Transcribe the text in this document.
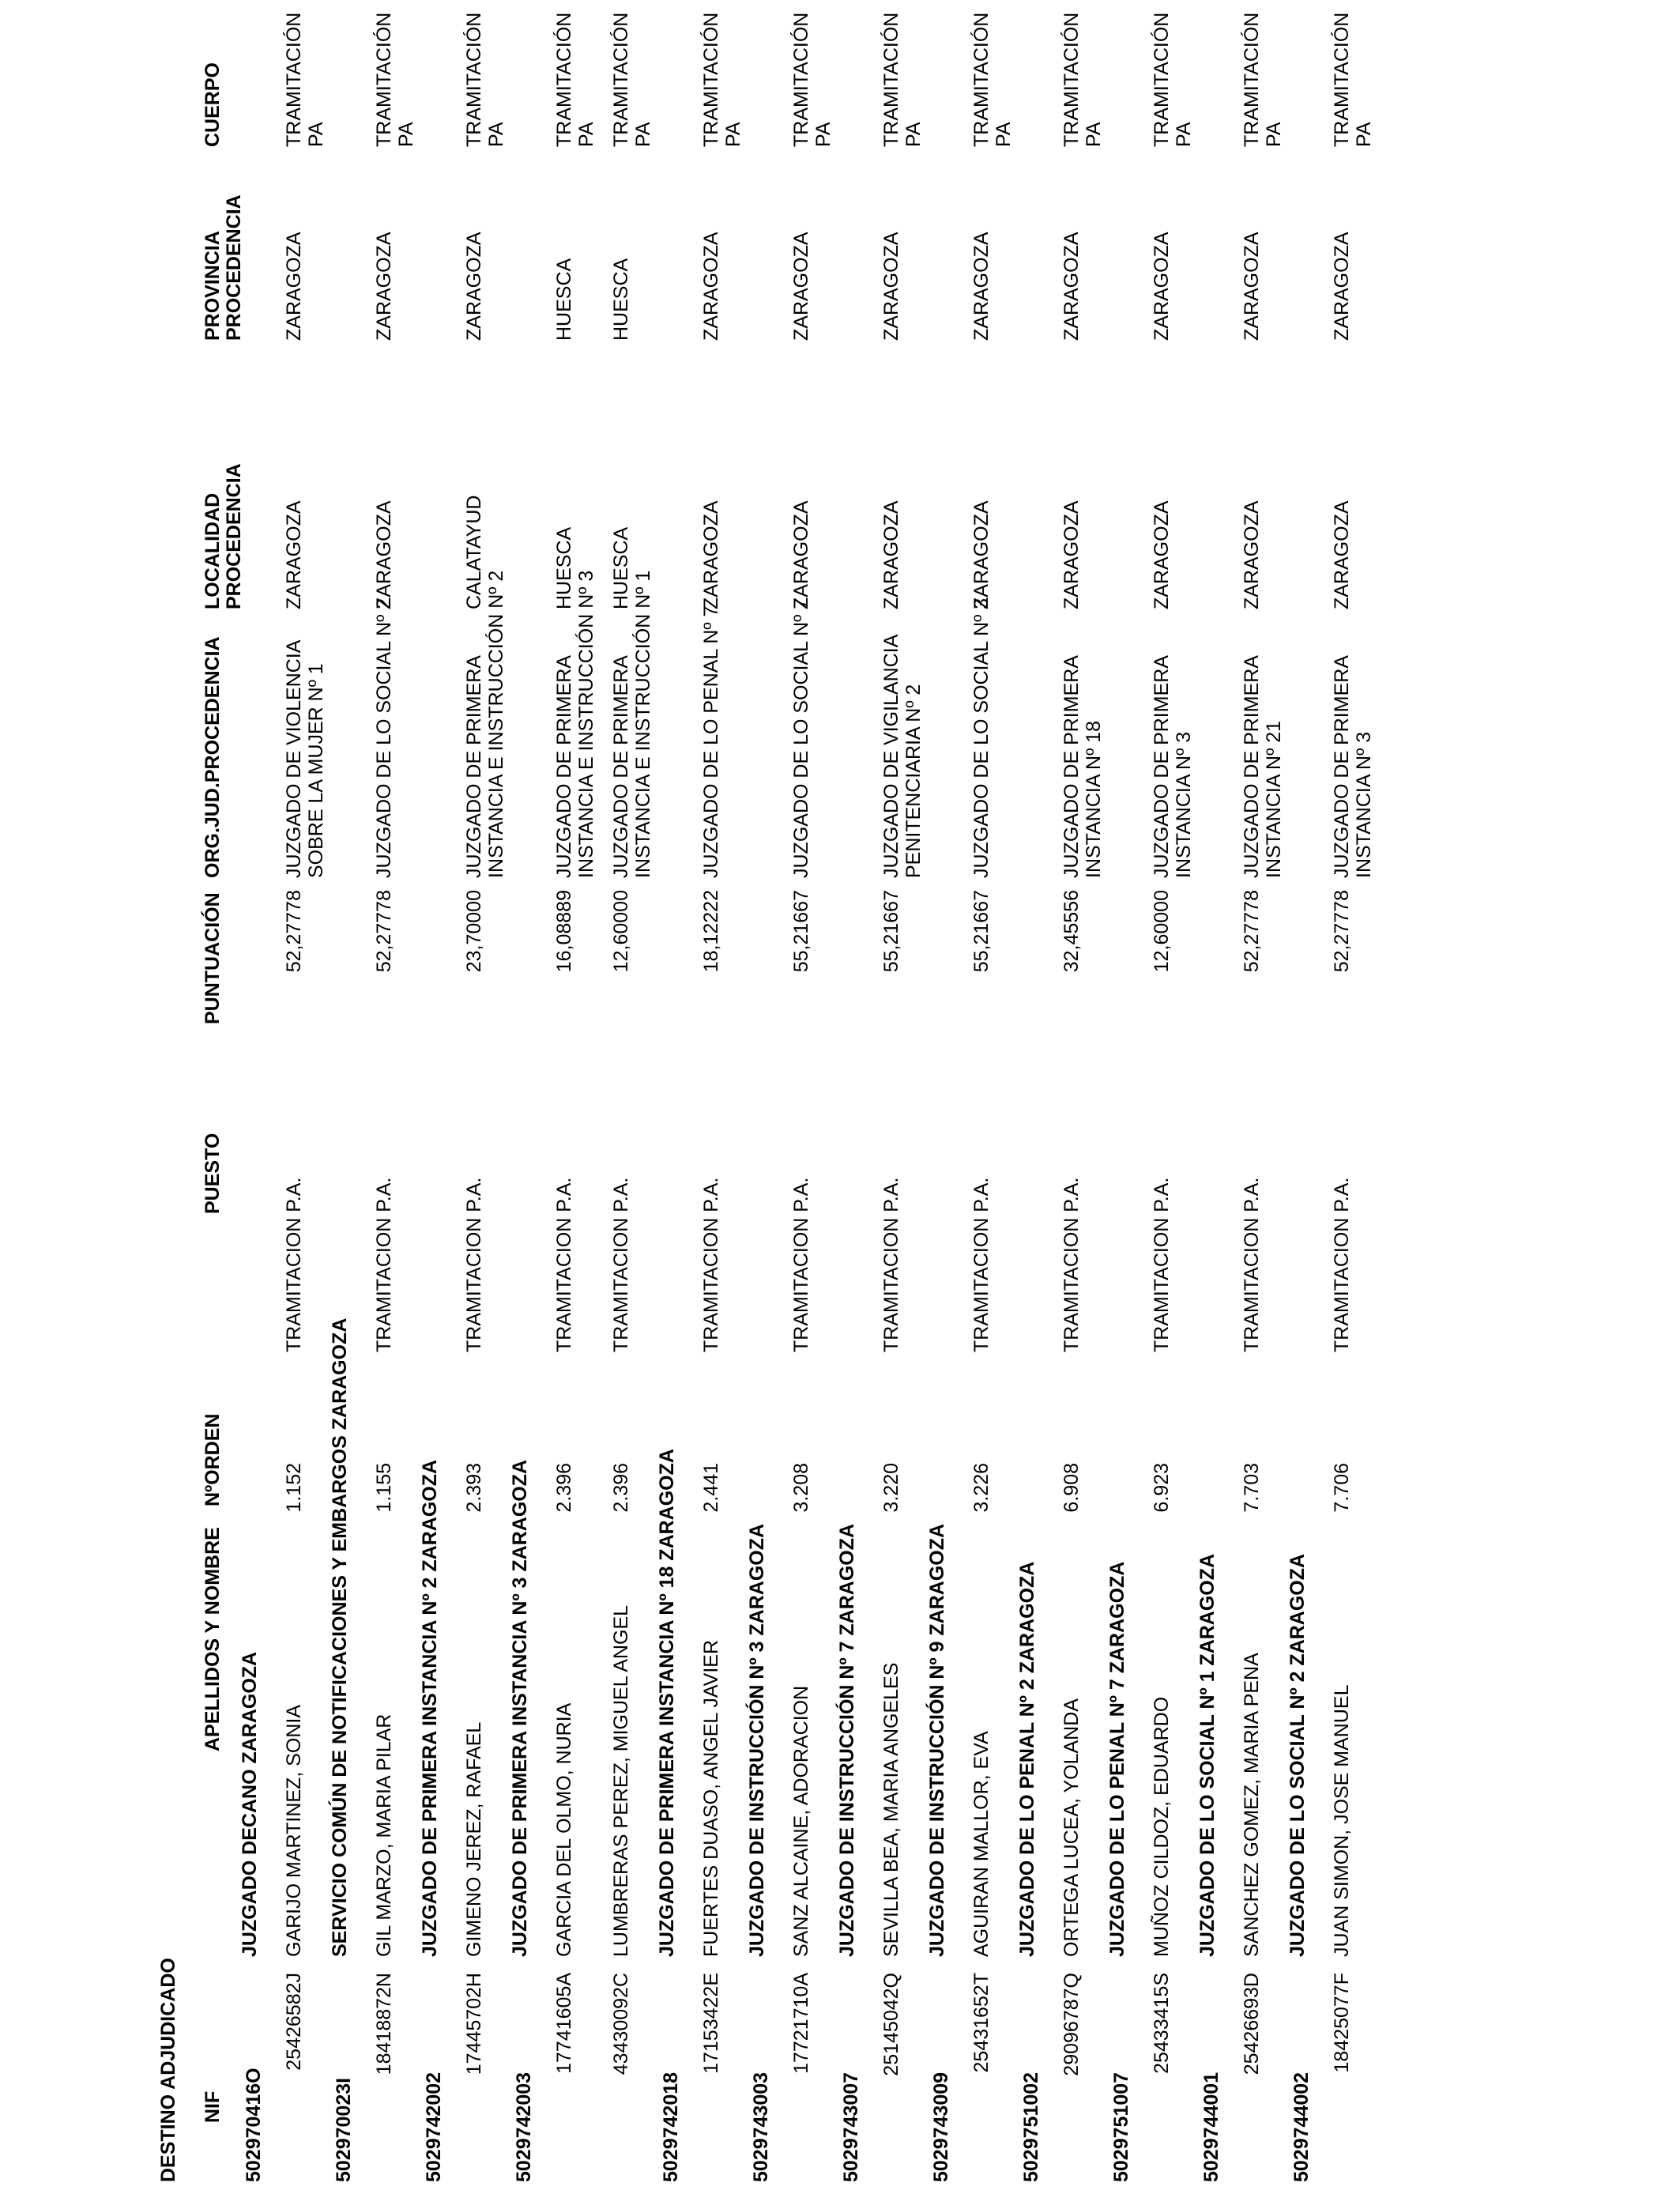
DESTINO ADJUDICADO NIF
APELLIDOS Y NOMBRE
NºORDEN
PUESTO
PUNTUACIÓN
ORG.JUD.PROCEDENCIA
LOCALIDAD PROCEDENCIA
PROVINCIA PROCEDENCIA
CUERPO
502970416O
JUZGADO DECANO ZARAGOZA
25426582J
GARIJO MARTINEZ, SONIA
1.152
TRAMITACION P.A.
52,27778
JUZGADO DE VIOLENCIA SOBRE LA MUJER Nº 1
ZARAGOZA
ZARAGOZA
TRAMITACIÓN PA
502970023I
SERVICIO COMÚN DE NOTIFICACIONES Y EMBARGOS ZARAGOZA
18418872N
GIL MARZO, MARIA PILAR
1.155
TRAMITACION P.A.
52,27778
JUZGADO DE LO SOCIAL Nº 2
ZARAGOZA
ZARAGOZA
TRAMITACIÓN PA
5029742002
JUZGADO DE PRIMERA INSTANCIA Nº 2 ZARAGOZA
17445702H
GIMENO JEREZ, RAFAEL
2.393
TRAMITACION P.A.
23,70000
JUZGADO DE PRIMERA INSTANCIA E INSTRUCCIÓN Nº 2
CALATAYUD
ZARAGOZA
TRAMITACIÓN PA
5029742003
JUZGADO DE PRIMERA INSTANCIA Nº 3 ZARAGOZA
17741605A
GARCIA DEL OLMO, NURIA
2.396
TRAMITACION P.A.
16,08889
JUZGADO DE PRIMERA INSTANCIA E INSTRUCCIÓN Nº 3
HUESCA
HUESCA
TRAMITACIÓN PA
43430092C
LUMBRERAS PEREZ, MIGUEL ANGEL
2.396
TRAMITACION P.A.
12,60000
JUZGADO DE PRIMERA INSTANCIA E INSTRUCCIÓN Nº 1
HUESCA
HUESCA
TRAMITACIÓN PA
5029742018
JUZGADO DE PRIMERA INSTANCIA Nº 18 ZARAGOZA
17153422E
FUERTES DUASO, ANGEL JAVIER
2.441
TRAMITACION P.A.
18,12222
JUZGADO DE LO PENAL Nº 7
ZARAGOZA
ZARAGOZA
TRAMITACIÓN PA
5029743003
JUZGADO DE INSTRUCCIÓN Nº 3 ZARAGOZA
17721710A
SANZ ALCAINE, ADORACION
3.208
TRAMITACION P.A.
55,21667
JUZGADO DE LO SOCIAL Nº 7
ZARAGOZA
ZARAGOZA
TRAMITACIÓN PA
5029743007
JUZGADO DE INSTRUCCIÓN Nº 7 ZARAGOZA
25145042Q
SEVILLA BEA, MARIA ANGELES
3.220
TRAMITACION P.A.
55,21667
JUZGADO DE VIGILANCIA PENITENCIARIA Nº 2
ZARAGOZA
ZARAGOZA
TRAMITACIÓN PA
5029743009
JUZGADO DE INSTRUCCIÓN Nº 9 ZARAGOZA
25431652T
AGUIRAN MALLOR, EVA
3.226
TRAMITACION P.A.
55,21667
JUZGADO DE LO SOCIAL Nº 3
ZARAGOZA
ZARAGOZA
TRAMITACIÓN PA
5029751002
JUZGADO DE LO PENAL Nº 2 ZARAGOZA
29096787Q
ORTEGA LUCEA, YOLANDA
6.908
TRAMITACION P.A.
32,45556
JUZGADO DE PRIMERA INSTANCIA Nº 18
ZARAGOZA
ZARAGOZA
TRAMITACIÓN PA
5029751007
JUZGADO DE LO PENAL Nº 7 ZARAGOZA
25433415S
MUÑOZ CILDOZ, EDUARDO
6.923
TRAMITACION P.A.
12,60000
JUZGADO DE PRIMERA INSTANCIA Nº 3
ZARAGOZA
ZARAGOZA
TRAMITACIÓN PA
5029744001
JUZGADO DE LO SOCIAL Nº 1 ZARAGOZA
25426693D
SANCHEZ GOMEZ, MARIA PENA
7.703
TRAMITACION P.A.
52,27778
JUZGADO DE PRIMERA INSTANCIA Nº 21
ZARAGOZA
ZARAGOZA
TRAMITACIÓN PA
5029744002
JUZGADO DE LO SOCIAL Nº 2 ZARAGOZA
18425077F
JUAN SIMON, JOSE MANUEL
7.706
TRAMITACION P.A.
52,27778
JUZGADO DE PRIMERA INSTANCIA Nº 3
ZARAGOZA
ZARAGOZA
TRAMITACIÓN PA
